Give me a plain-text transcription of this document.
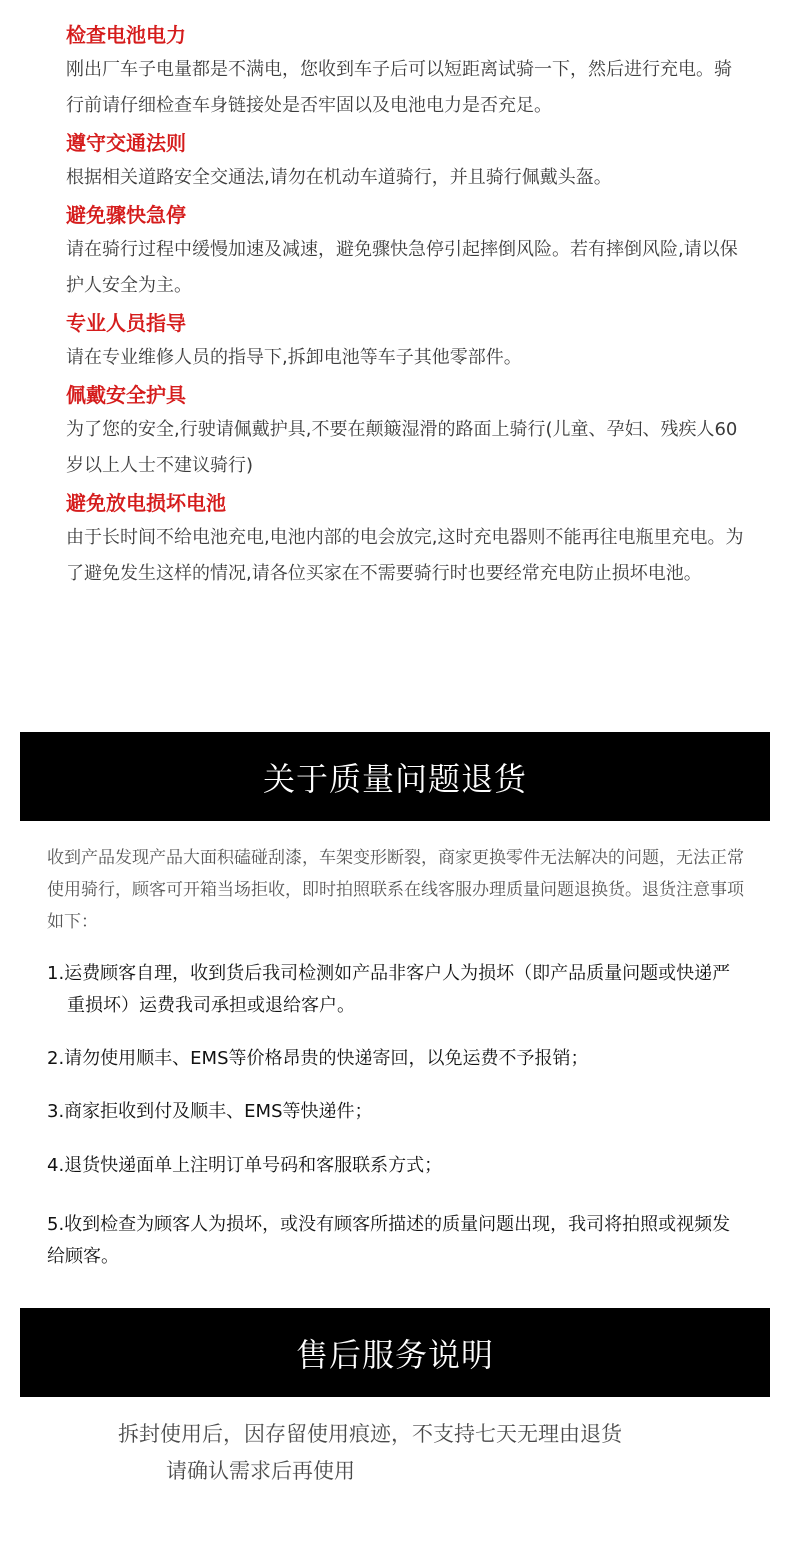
检查电池电力

刚出厂车子电量都是不满电，您收到车子后可以短距离试骑一下，然后进行充电。骑行前请仔细检查车身链接处是否牢固以及电池电力是否充足。

遵守交通法则

根据相关道路安全交通法,请勿在机动车道骑行，并且骑行佩戴头盔。

避免骤快急停

请在骑行过程中缓慢加速及减速，避免骤快急停引起摔倒风险。若有摔倒风险,请以保护人安全为主。

专业人员指导

请在专业维修人员的指导下,拆卸电池等车子其他零部件。

佩戴安全护具

为了您的安全,行驶请佩戴护具,不要在颠簸湿滑的路面上骑行(儿童、孕妇、残疾人60岁以上人士不建议骑行)

避免放电损坏电池

由于长时间不给电池充电,电池内部的电会放完,这时充电器则不能再往电瓶里充电。为了避免发生这样的情况,请各位买家在不需要骑行时也要经常充电防止损坏电池。

关于质量问题退货

收到产品发现产品大面积磕碰刮漆，车架变形断裂，商家更换零件无法解决的问题，无法正常使用骑行，顾客可开箱当场拒收，即时拍照联系在线客服办理质量问题退换货。退货注意事项如下：

1.运费顾客自理，收到货后我司检测如产品非客户人为损坏（即产品质量问题或快递严重损坏）运费我司承担或退给客户。

2.请勿使用顺丰、EMS等价格昂贵的快递寄回，以免运费不予报销；

3.商家拒收到付及顺丰、EMS等快递件；

4.退货快递面单上注明订单号码和客服联系方式；

5.收到检查为顾客人为损坏，或没有顾客所描述的质量问题出现，我司将拍照或视频发给顾客。

售后服务说明

拆封使用后，因存留使用痕迹，不支持七天无理由退货

请确认需求后再使用
